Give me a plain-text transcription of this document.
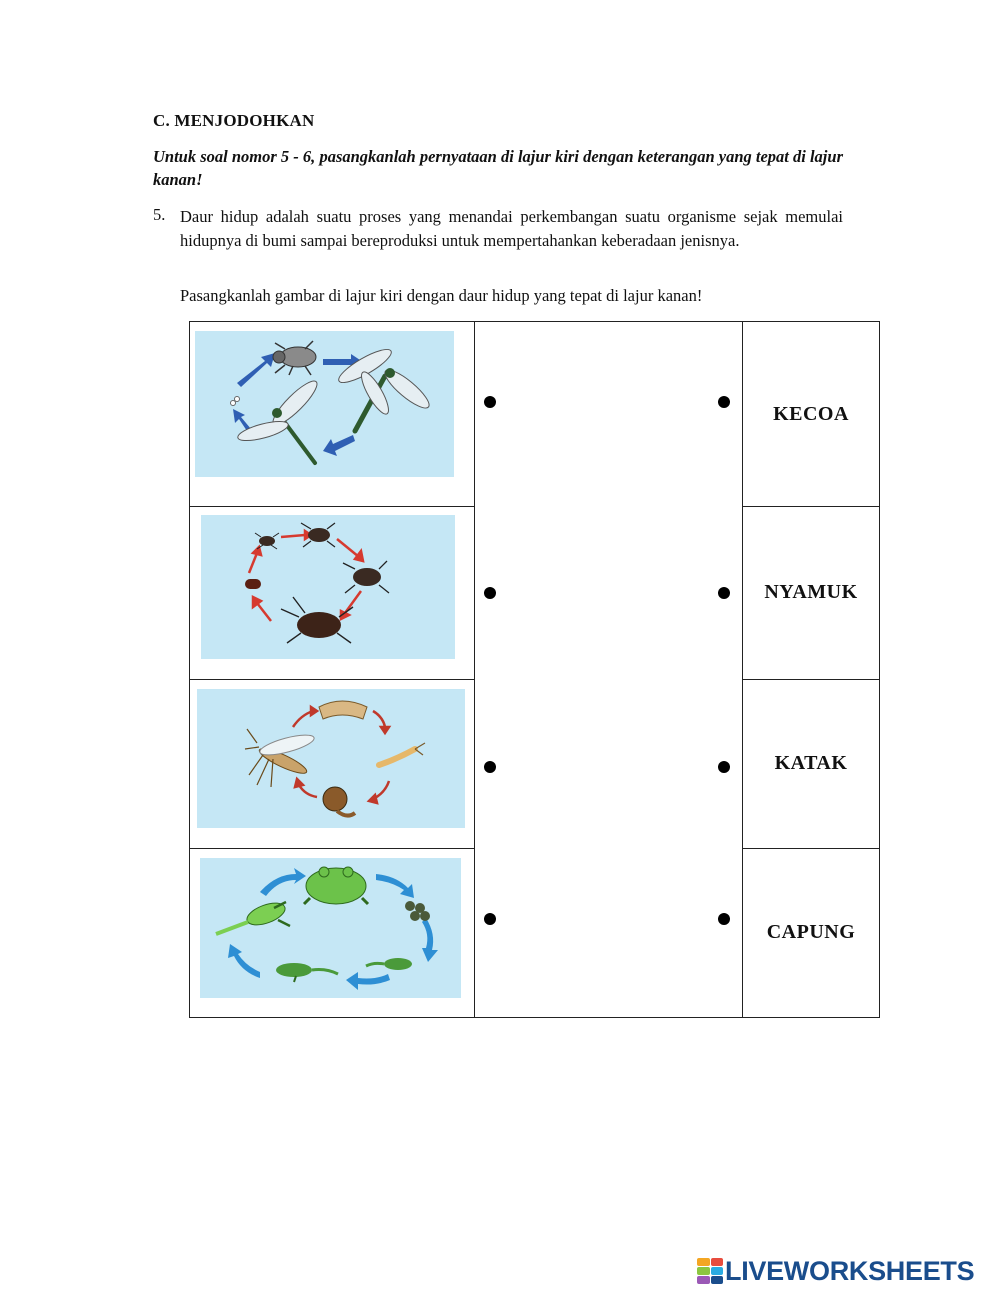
C. MENJODOHKAN
Untuk soal nomor 5 - 6, pasangkanlah pernyataan di lajur kiri dengan keterangan yang tepat di lajur kanan!
5. Daur hidup adalah suatu proses yang menandai perkembangan suatu organisme sejak memulai hidupnya di bumi sampai bereproduksi untuk mempertahankan keberadaan jenisnya.
Pasangkanlah gambar di lajur kiri dengan daur hidup yang tepat di lajur kanan!
KECOA
NYAMUK
KATAK
CAPUNG
LIVEWORKSHEETS
